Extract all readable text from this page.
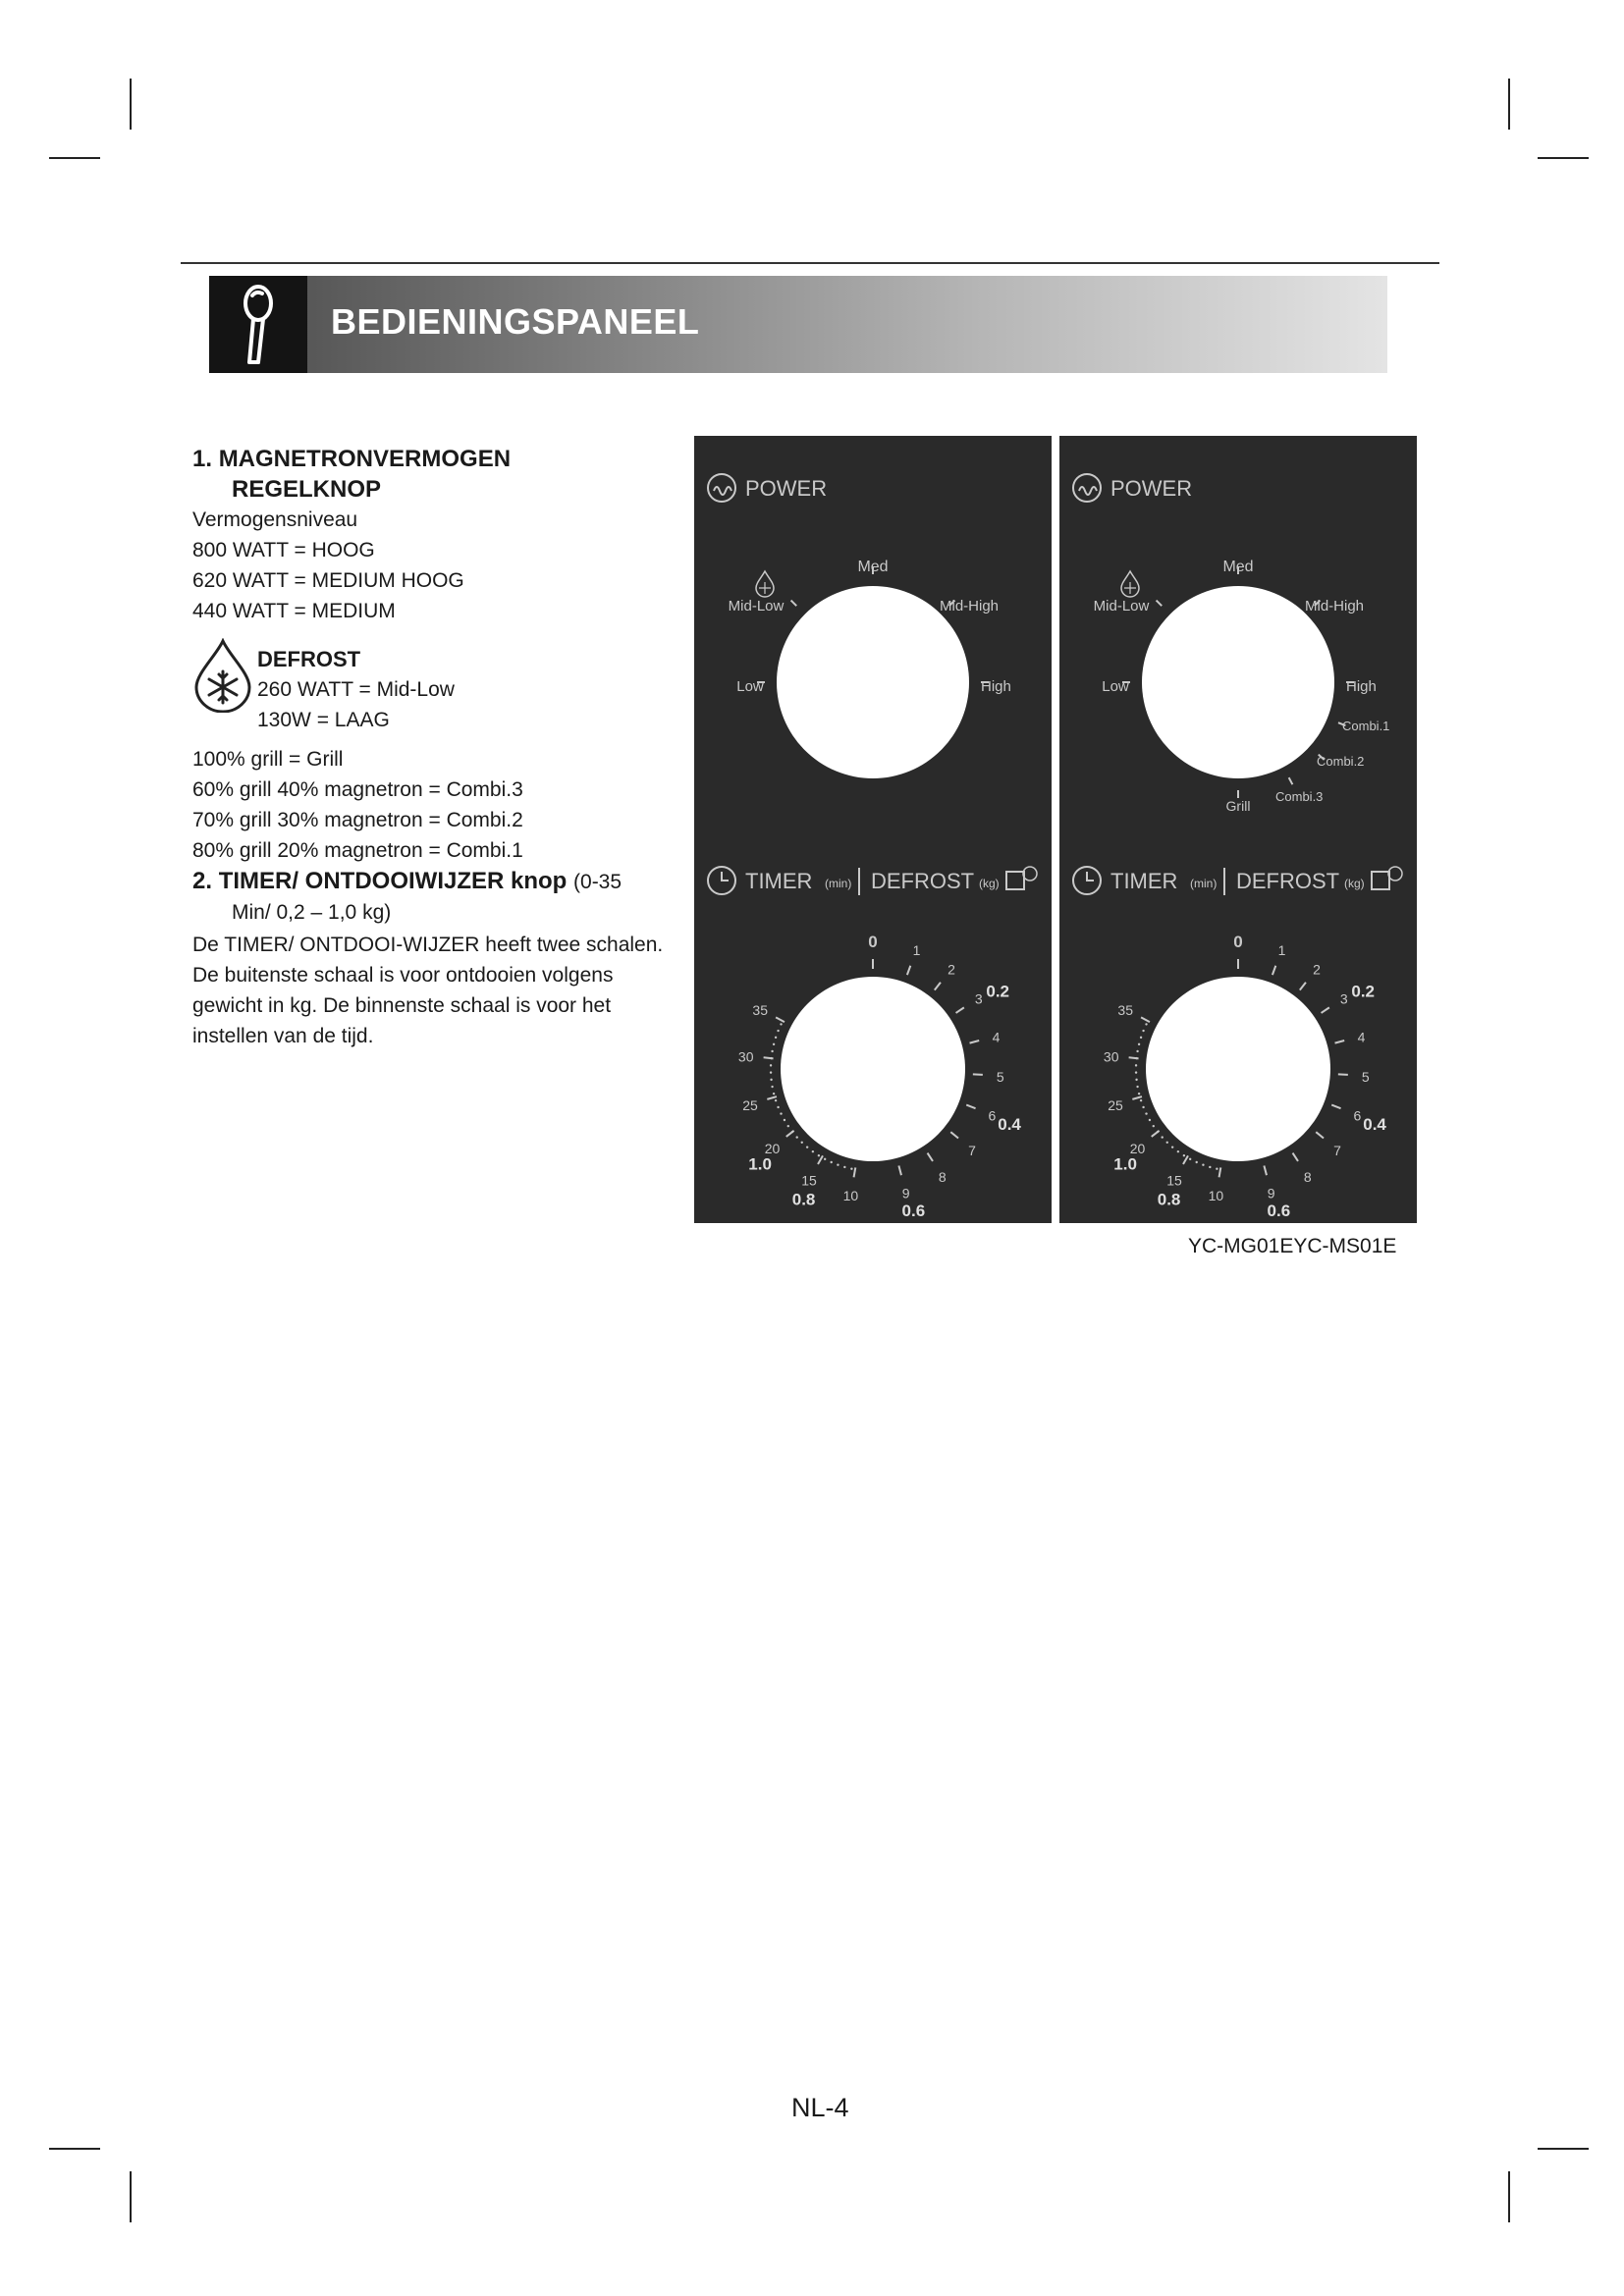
BEDIENINGSPANEEL
1. MAGNETRONVERMOGEN
REGELKNOP
Vermogensniveau
800 WATT = HOOG
620 WATT = MEDIUM HOOG
440 WATT = MEDIUM
DEFROST
260 WATT = Mid-Low
130W = LAAG
100% grill = Grill
60% grill 40% magnetron = Combi.3
70% grill 30% magnetron = Combi.2
80% grill 20% magnetron = Combi.1
2. TIMER/ ONTDOOIWIJZER knop (0-35
Min/ 0,2 – 1,0 kg)
De TIMER/ ONTDOOI-WIJZER heeft twee schalen. De buitenste schaal is voor ontdooien volgens gewicht in kg. De binnenste schaal is voor het instellen van de tijd.
POWER
Med
Mid-Low	Mid-High
Low	High
TIMER (min) DEFROST (kg)
0	1
2
3
4
5
6
7
8
9
10
15
20
25
30
35
0.2
0.4
0.6
0.8
1.0
POWER
Med
Mid-Low	Mid-High
Low	High
Combi.1
Combi.2
Combi.3
Grill
TIMER (min) DEFROST (kg)
0	1
2
3
4
5
6
7
8
9
10
15
20
25
30
35
0.2
0.4
0.6
0.8
1.0
YC-MG01EYC-MS01E
NL-4
